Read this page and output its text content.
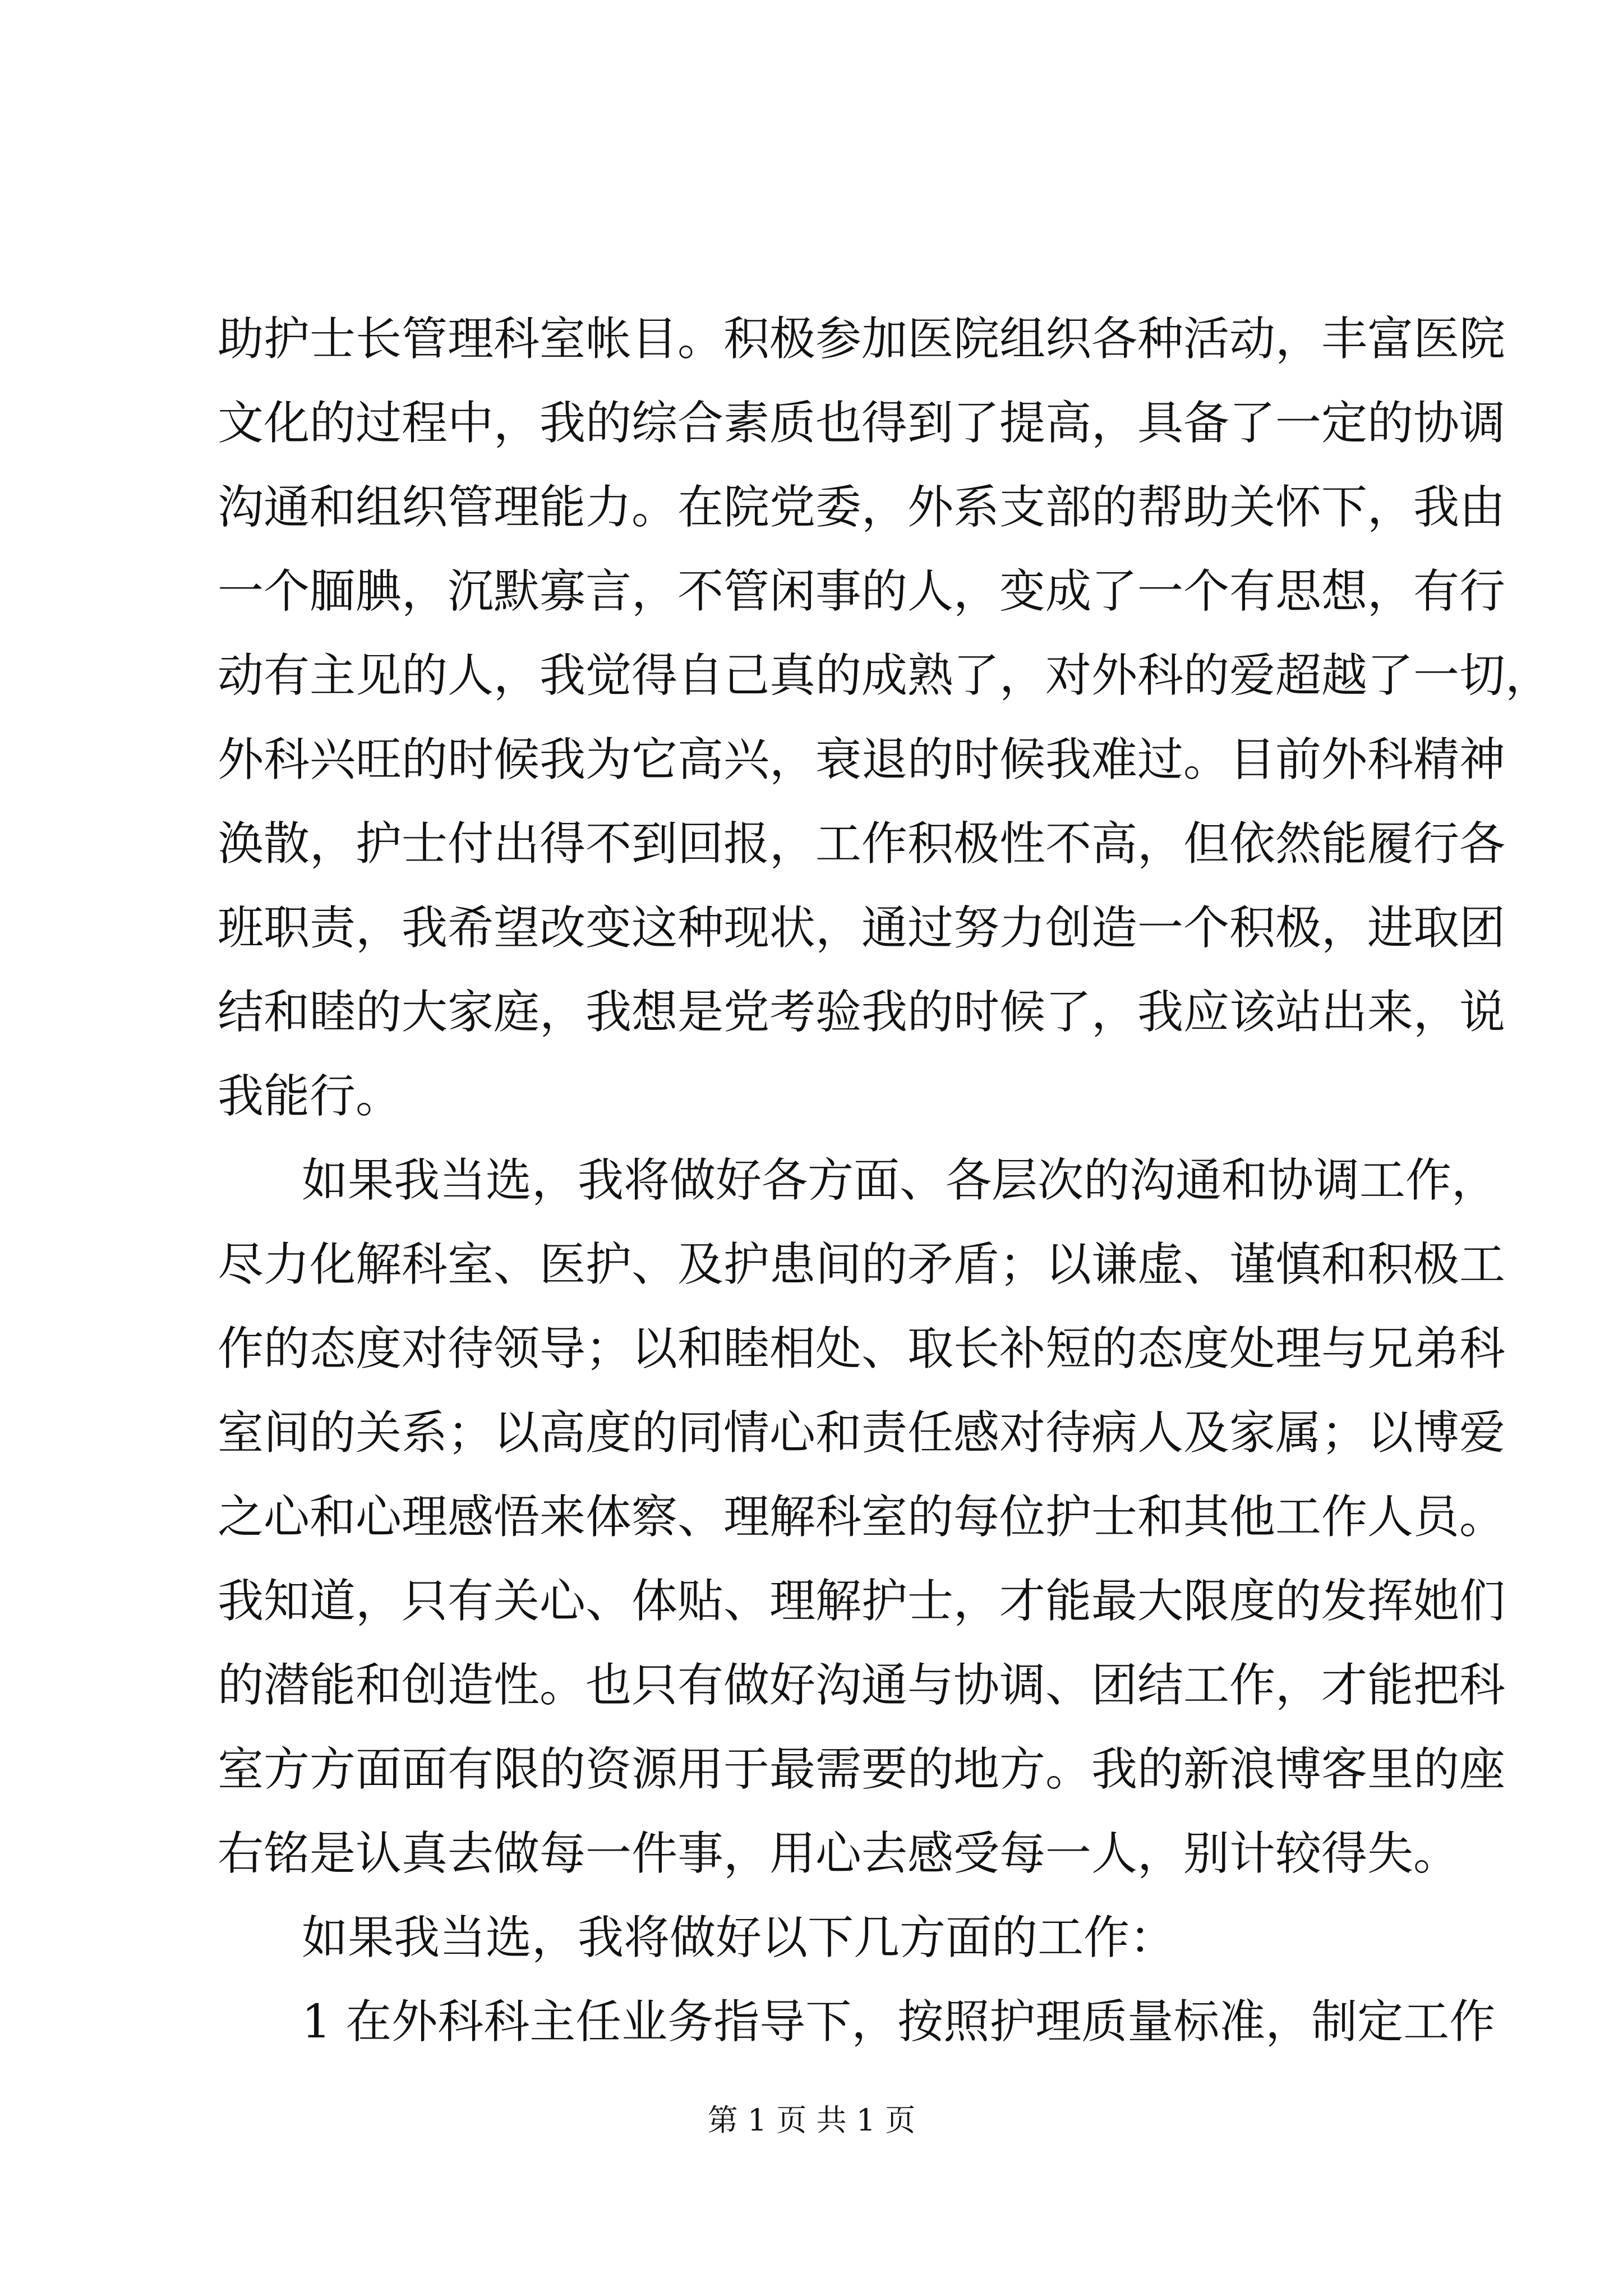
助护士长管理科室帐目。积极参加医院组织各种活动，丰富医院
文化的过程中，我的综合素质也得到了提高，具备了一定的协调
沟通和组织管理能力。在院党委，外系支部的帮助关怀下，我由
一个腼腆，沉默寡言，不管闲事的人，变成了一个有思想，有行
动有主见的人，我觉得自己真的成熟了，对外科的爱超越了一切，
外科兴旺的时候我为它高兴，衰退的时候我难过。目前外科精神
涣散，护士付出得不到回报，工作积极性不高，但依然能履行各
班职责，我希望改变这种现状，通过努力创造一个积极，进取团
结和睦的大家庭，我想是党考验我的时候了，我应该站出来，说
我能行。
如果我当选，我将做好各方面、各层次的沟通和协调工作，
尽力化解科室、医护、及护患间的矛盾；以谦虚、谨慎和积极工
作的态度对待领导；以和睦相处、取长补短的态度处理与兄弟科
室间的关系；以高度的同情心和责任感对待病人及家属；以博爱
之心和心理感悟来体察、理解科室的每位护士和其他工作人员。
我知道，只有关心、体贴、理解护士，才能最大限度的发挥她们
的潜能和创造性。也只有做好沟通与协调、团结工作，才能把科
室方方面面有限的资源用于最需要的地方。我的新浪博客里的座
右铭是认真去做每一件事，用心去感受每一人，别计较得失。
如果我当选，我将做好以下几方面的工作：
1 在外科科主任业务指导下，按照护理质量标准，制定工作
第 1 页 共 1 页
